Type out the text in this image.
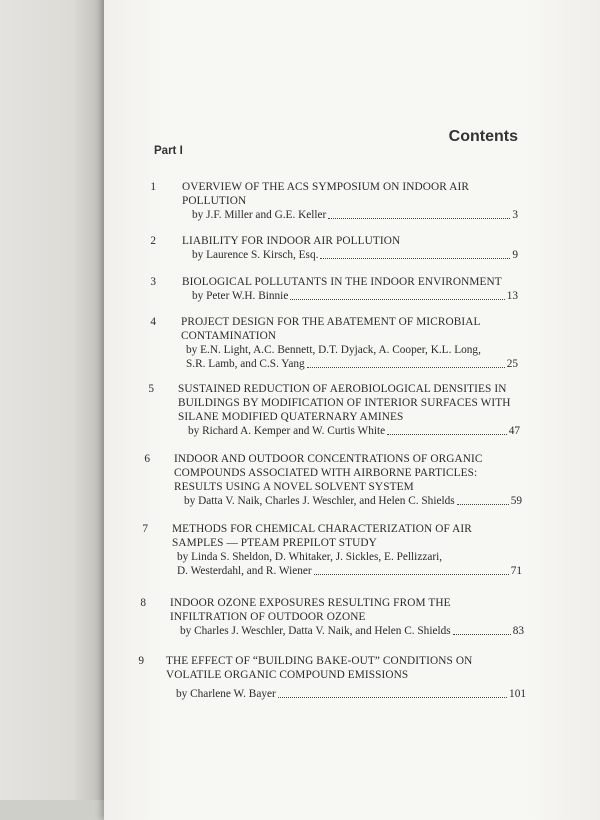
Contents
Part I
1 OVERVIEW OF THE ACS SYMPOSIUM ON INDOOR AIR
POLLUTION
by J.F. Miller and G.E. Keller	3
2 LIABILITY FOR INDOOR AIR POLLUTION
by Laurence S. Kirsch, Esq.	9
3 BIOLOGICAL POLLUTANTS IN THE INDOOR ENVIRONMENT
by Peter W.H. Binnie	13
4 PROJECT DESIGN FOR THE ABATEMENT OF MICROBIAL
CONTAMINATION
by E.N. Light, A.C. Bennett, D.T. Dyjack, A. Cooper, K.L. Long,
S.R. Lamb, and C.S. Yang	25
5 SUSTAINED REDUCTION OF AEROBIOLOGICAL DENSITIES IN
BUILDINGS BY MODIFICATION OF INTERIOR SURFACES WITH
SILANE MODIFIED QUATERNARY AMINES
by Richard A. Kemper and W. Curtis White	47
6 INDOOR AND OUTDOOR CONCENTRATIONS OF ORGANIC
COMPOUNDS ASSOCIATED WITH AIRBORNE PARTICLES:
RESULTS USING A NOVEL SOLVENT SYSTEM
by Datta V. Naik, Charles J. Weschler, and Helen C. Shields	59
7 METHODS FOR CHEMICAL CHARACTERIZATION OF AIR
SAMPLES — PTEAM PREPILOT STUDY
by Linda S. Sheldon, D. Whitaker, J. Sickles, E. Pellizzari,
D. Westerdahl, and R. Wiener	71
8 INDOOR OZONE EXPOSURES RESULTING FROM THE
INFILTRATION OF OUTDOOR OZONE
by Charles J. Weschler, Datta V. Naik, and Helen C. Shields	83
9 THE EFFECT OF “BUILDING BAKE-OUT” CONDITIONS ON
VOLATILE ORGANIC COMPOUND EMISSIONS
by Charlene W. Bayer	101
